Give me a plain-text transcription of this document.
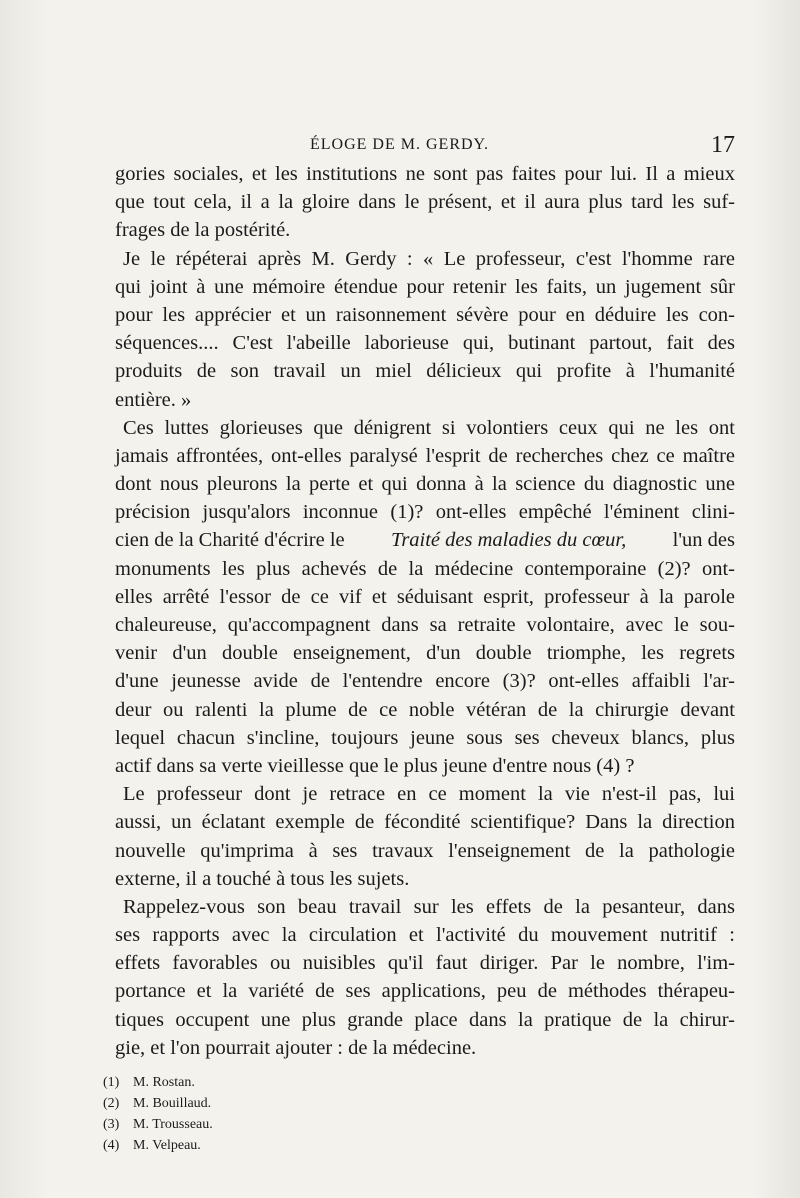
ÉLOGE DE M. GERDY.	17
gories sociales, et les institutions ne sont pas faites pour lui. Il a mieux
que tout cela, il a la gloire dans le présent, et il aura plus tard les suf-
frages de la postérité.
Je le répéterai après M. Gerdy : « Le professeur, c'est l'homme rare
qui joint à une mémoire étendue pour retenir les faits, un jugement sûr
pour les apprécier et un raisonnement sévère pour en déduire les con-
séquences.... C'est l'abeille laborieuse qui, butinant partout, fait des
produits de son travail un miel délicieux qui profite à l'humanité
entière. »
Ces luttes glorieuses que dénigrent si volontiers ceux qui ne les ont
jamais affrontées, ont-elles paralysé l'esprit de recherches chez ce maître
dont nous pleurons la perte et qui donna à la science du diagnostic une
précision jusqu'alors inconnue (1)? ont-elles empêché l'éminent clini-
cien de la Charité d'écrire le Traité des maladies du cœur, l'un des
monuments les plus achevés de la médecine contemporaine (2)? ont-
elles arrêté l'essor de ce vif et séduisant esprit, professeur à la parole
chaleureuse, qu'accompagnent dans sa retraite volontaire, avec le sou-
venir d'un double enseignement, d'un double triomphe, les regrets
d'une jeunesse avide de l'entendre encore (3)? ont-elles affaibli l'ar-
deur ou ralenti la plume de ce noble vétéran de la chirurgie devant
lequel chacun s'incline, toujours jeune sous ses cheveux blancs, plus
actif dans sa verte vieillesse que le plus jeune d'entre nous (4) ?
Le professeur dont je retrace en ce moment la vie n'est-il pas, lui
aussi, un éclatant exemple de fécondité scientifique? Dans la direction
nouvelle qu'imprima à ses travaux l'enseignement de la pathologie
externe, il a touché à tous les sujets.
Rappelez-vous son beau travail sur les effets de la pesanteur, dans
ses rapports avec la circulation et l'activité du mouvement nutritif :
effets favorables ou nuisibles qu'il faut diriger. Par le nombre, l'im-
portance et la variété de ses applications, peu de méthodes thérapeu-
tiques occupent une plus grande place dans la pratique de la chirur-
gie, et l'on pourrait ajouter : de la médecine.
(1) M. Rostan.
(2) M. Bouillaud.
(3) M. Trousseau.
(4) M. Velpeau.
